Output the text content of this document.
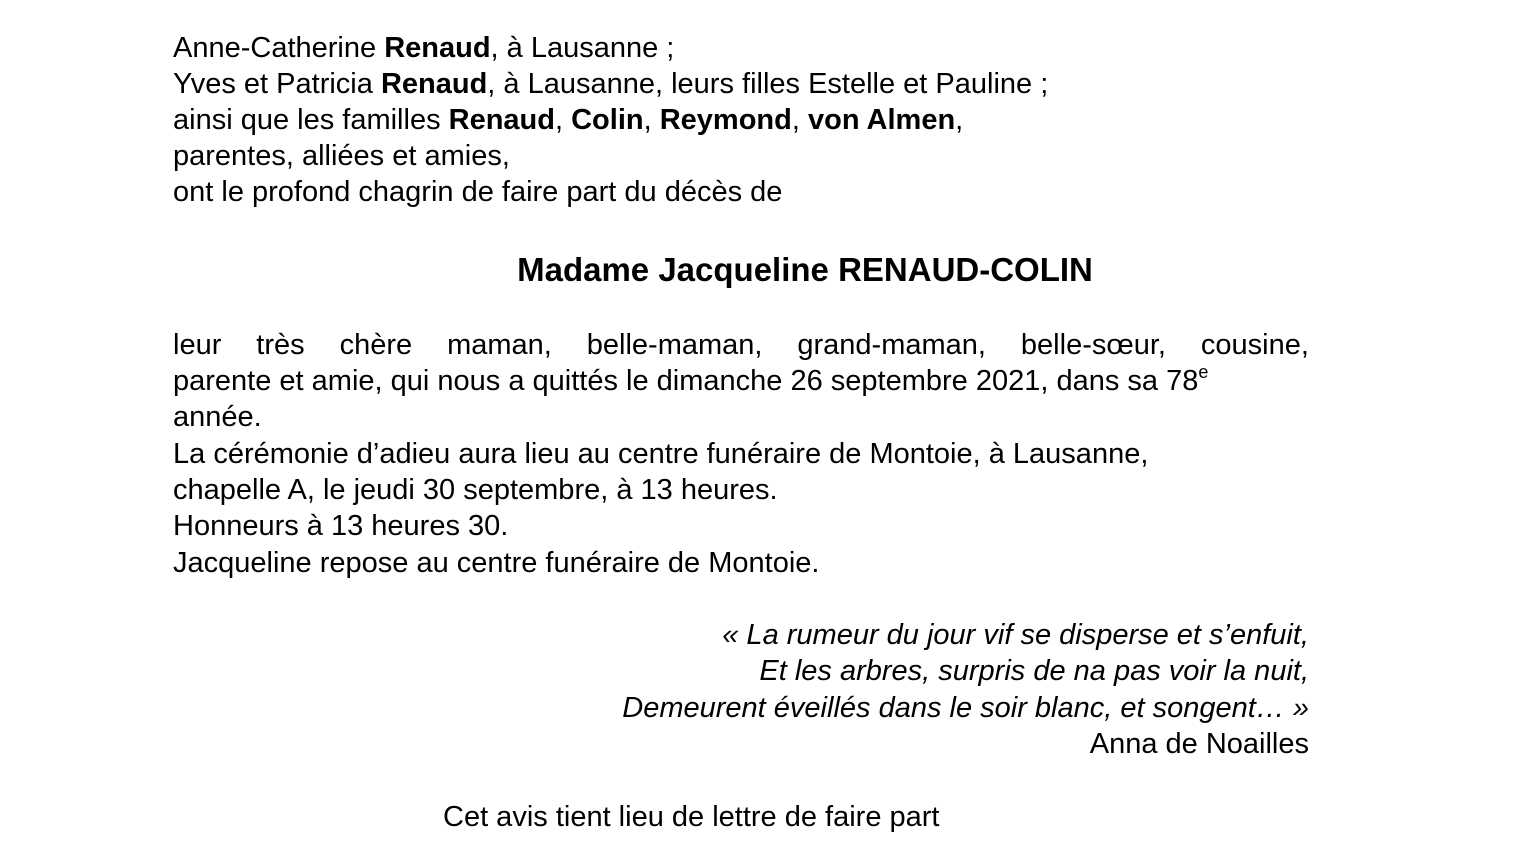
Anne-Catherine Renaud, à Lausanne ;
Yves et Patricia Renaud, à Lausanne, leurs filles Estelle et Pauline ;
ainsi que les familles Renaud, Colin, Reymond, von Almen,
parentes, alliées et amies,
ont le profond chagrin de faire part du décès de
Madame Jacqueline RENAUD-COLIN
leur très chère maman, belle-maman, grand-maman, belle-sœur, cousine,
parente et amie, qui nous a quittés le dimanche 26 septembre 2021, dans sa 78e
année.
La cérémonie d’adieu aura lieu au centre funéraire de Montoie, à Lausanne,
chapelle A, le jeudi 30 septembre, à 13 heures.
Honneurs à 13 heures 30.
Jacqueline repose au centre funéraire de Montoie.
« La rumeur du jour vif se disperse et s’enfuit,
Et les arbres, surpris de na pas voir la nuit,
Demeurent éveillés dans le soir blanc, et songent… »
Anna de Noailles
Cet avis tient lieu de lettre de faire part
